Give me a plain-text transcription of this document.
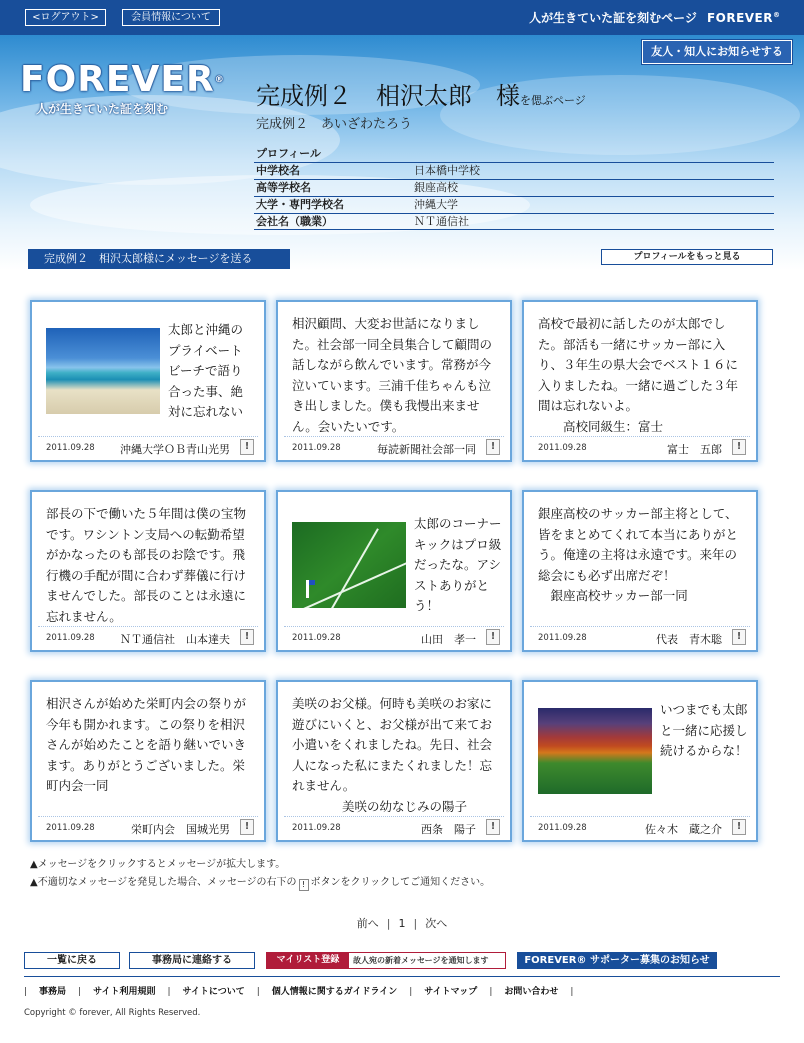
<ログアウト>	会員情報について	人が生きていた証を刻むページ FOREVER®
友人・知人にお知らせする
FOREVER®
人が生きていた証を刻む	完成例２　相沢太郎　様を偲ぶページ
完成例２　あいざわたろう
プロフィール
中学校名	日本橋中学校
高等学校名	銀座高校
大学・専門学校名	沖縄大学
会社名（職業）	ＮＴ通信社
完成例２　相沢太郎様にメッセージを送る	プロフィールをもっと見る
太郎と沖縄の
プライベート
ビーチで語り
合った事、絶
対に忘れない
2011.09.28 沖縄大学ＯＢ青山光男	!
相沢顧問、大変お世話になりました。社会部一同全員集合して顧問の話しながら飲んでいます。常務が今泣いています。三浦千佳ちゃんも泣き出しました。僕も我慢出来ません。会いたいです。
2011.09.28	毎読新聞社会部一同	!
高校で最初に話したのが太郎でした。部活も一緒にサッカー部に入り、３年生の県大会でベスト１６に入りましたね。一緒に過ごした３年間は忘れないよ。
　　高校同級生：富士
2011.09.28	富士　五郎	!
部長の下で働いた５年間は僕の宝物です。ワシントン支局への転勤希望がかなったのも部長のお陰です。飛行機の手配が間に合わず葬儀に行けませんでした。部長のことは永遠に忘れません。
2011.09.28 ＮＴ通信社　山本達夫	!
太郎のコーナーキックはプロ級だったな。アシストありがとう！
2011.09.28	山田　孝一	!
銀座高校のサッカー部主将として、皆をまとめてくれて本当にありがとう。俺達の主将は永遠です。来年の総会にも必ず出席だぞ！
　銀座高校サッカー部一同
2011.09.28	代表　青木聡	!
相沢さんが始めた栄町内会の祭りが今年も開かれます。この祭りを相沢さんが始めたことを語り継いでいきます。ありがとうございました。栄町内会一同
2011.09.28	栄町内会　国城光男	!
美咲のお父様。何時も美咲のお家に遊びにいくと、お父様が出て来てお小遣いをくれましたね。先日、社会人になった私にまたくれました！忘れません。
　　　　美咲の幼なじみの陽子
2011.09.28	西条　陽子	!
いつまでも太郎と一緒に応援し続けるからな！
2011.09.28	佐々木　蔵之介	!
▲メッセージをクリックするとメッセージが拡大します。
▲不適切なメッセージを発見した場合、メッセージの右下の ! ボタンをクリックしてご通知ください。
前へ | 1 | 次へ
一覧に戻る	事務局に連絡する	マイリスト登録	故人宛の新着メッセージを通知します	FOREVER® サポーター募集のお知らせ
| 事務局 | サイト利用規則 | サイトについて | 個人情報に関するガイドライン | サイトマップ | お問い合わせ |
Copyright © forever, All Rights Reserved.
